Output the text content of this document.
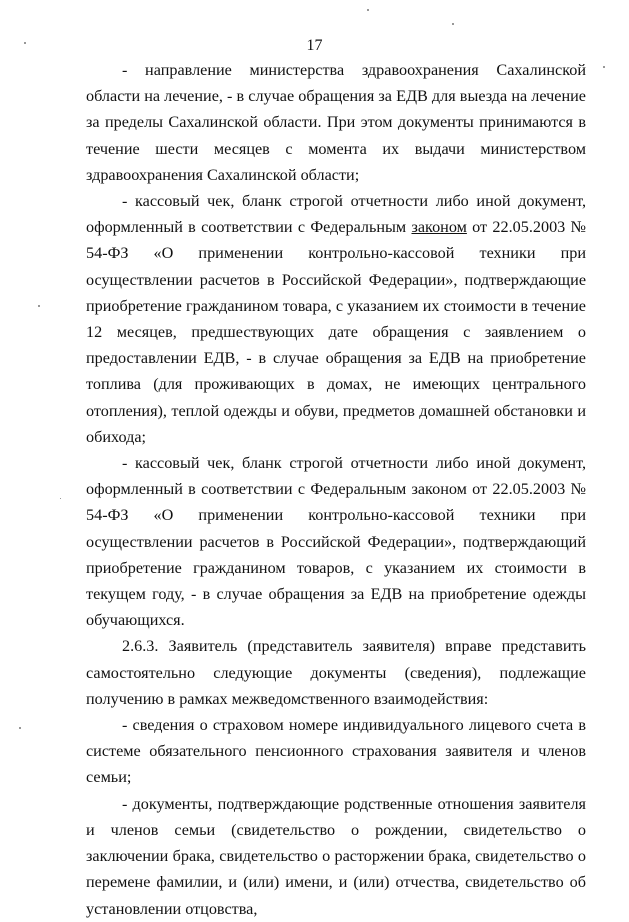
17

- направление министерства здравоохранения Сахалинской области на лечение, - в случае обращения за ЕДВ для выезда на лечение за пределы Сахалинской области. При этом документы принимаются в течение шести месяцев с момента их выдачи министерством здравоохранения Сахалинской области;

- кассовый чек, бланк строгой отчетности либо иной документ, оформленный в соответствии с Федеральным законом от 22.05.2003 № 54-ФЗ «О применении контрольно-кассовой техники при осуществлении расчетов в Российской Федерации», подтверждающие приобретение гражданином товара, с указанием их стоимости в течение 12 месяцев, предшествующих дате обращения с заявлением о предоставлении ЕДВ, - в случае обращения за ЕДВ на приобретение топлива (для проживающих в домах, не имеющих центрального отопления), теплой одежды и обуви, предметов домашней обстановки и обихода;

- кассовый чек, бланк строгой отчетности либо иной документ, оформленный в соответствии с Федеральным законом от 22.05.2003 № 54-ФЗ «О применении контрольно-кассовой техники при осуществлении расчетов в Российской Федерации», подтверждающий приобретение гражданином товаров, с указанием их стоимости в текущем году, - в случае обращения за ЕДВ на приобретение одежды обучающихся.

2.6.3. Заявитель (представитель заявителя) вправе представить самостоятельно следующие документы (сведения), подлежащие получению в рамках межведомственного взаимодействия:

- сведения о страховом номере индивидуального лицевого счета в системе обязательного пенсионного страхования заявителя и членов семьи;

- документы, подтверждающие родственные отношения заявителя и членов семьи (свидетельство о рождении, свидетельство о заключении брака, свидетельство о расторжении брака, свидетельство о перемене фамилии, и (или) имени, и (или) отчества, свидетельство об установлении отцовства,
